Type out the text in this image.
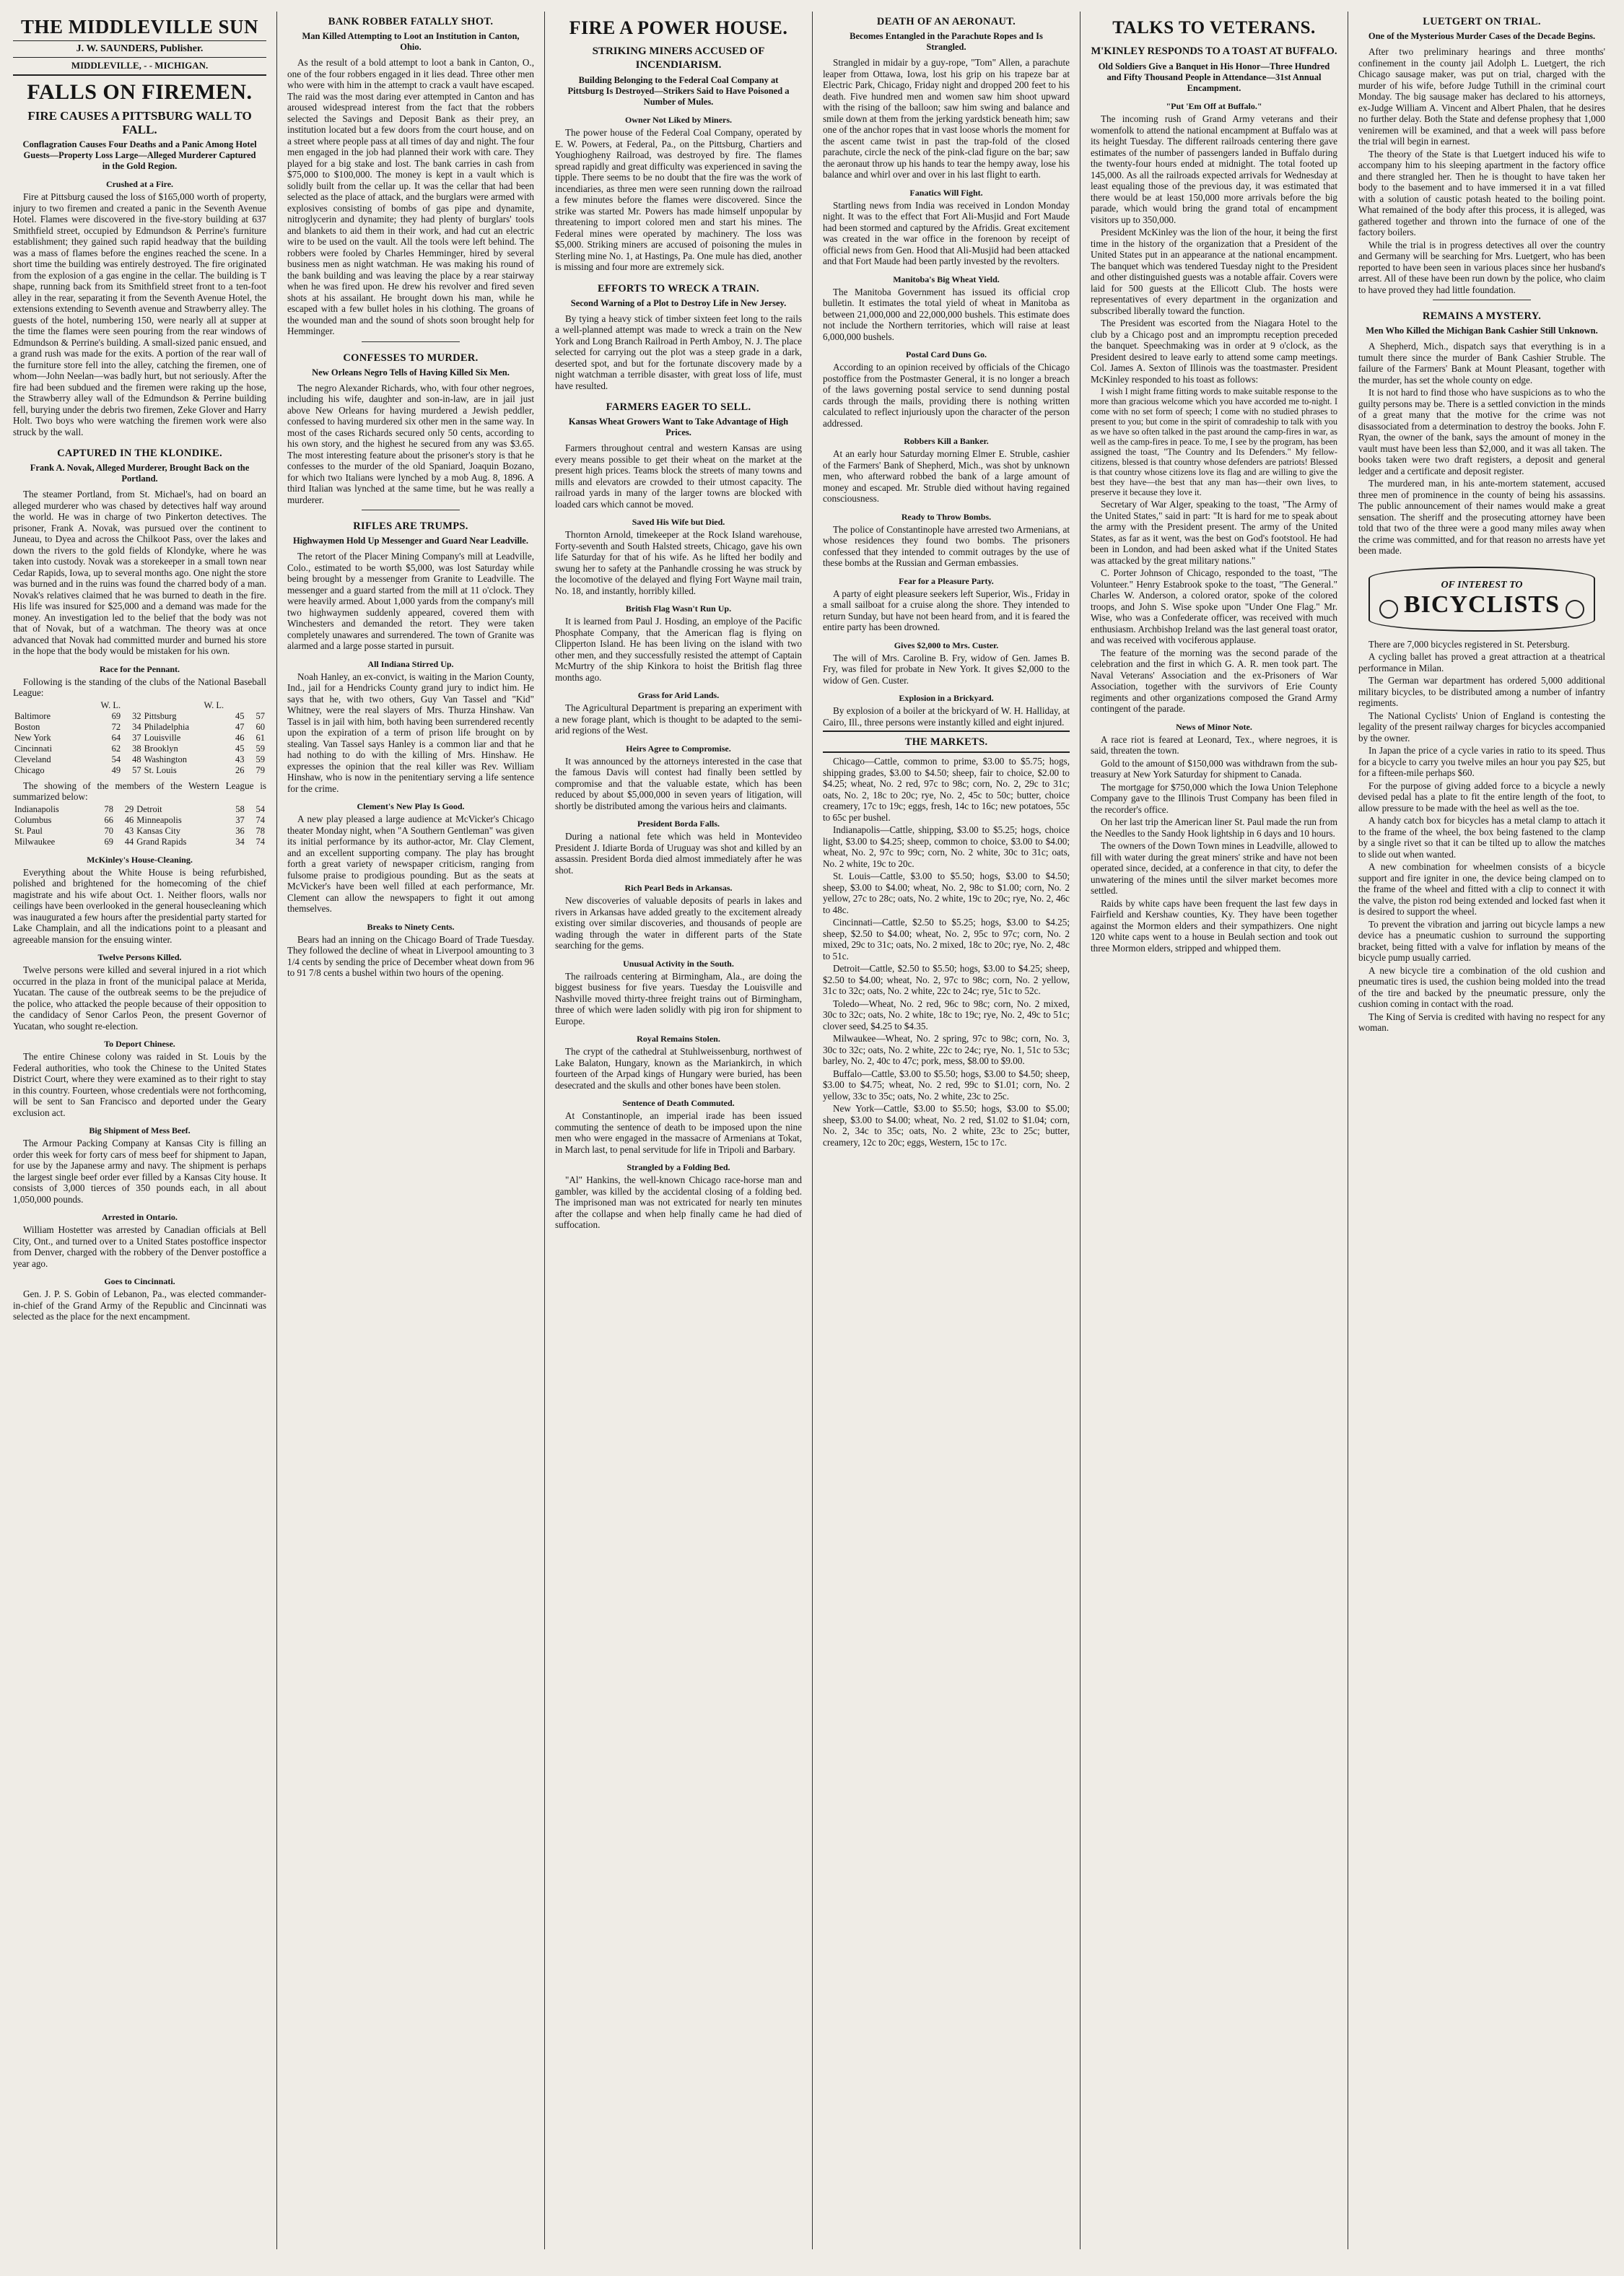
THE MIDDLEVILLE SUN
J. W. SAUNDERS, Publisher.
MIDDLEVILLE, - - MICHIGAN.
FALLS ON FIREMEN.
FIRE CAUSES A PITTSBURG WALL TO FALL.
Conflagration Causes Four Deaths and a Panic Among Hotel Guests—Property Loss Large—Alleged Murderer Captured in the Gold Region.
Crushed at a Fire.

Fire at Pittsburg caused the loss of $165,000 worth of property, injury to two firemen and created a panic in the Seventh Avenue Hotel. Flames were discovered in the five-story building at 637 Smithfield street, occupied by Edmundson & Perrine's furniture establishment; they gained such rapid headway that the building was a mass of flames before the engines reached the scene. In a short time the building was entirely destroyed. The fire originated from the explosion of a gas engine in the cellar. The building is T shape, running back from its Smithfield street front to a ten-foot alley in the rear, separating it from the Seventh Avenue Hotel, the extensions extending to Seventh avenue and Strawberry alley. The guests of the hotel, numbering 150, were nearly all at supper at the time the flames were seen pouring from the rear windows of Edmundson & Perrine's building. A small-sized panic ensued, and a grand rush was made for the exits. A portion of the rear wall of the furniture store fell into the alley, catching the firemen, one of whom—John Neelan—was badly hurt, but not seriously. After the fire had been subdued and the firemen were raking up the hose, the Strawberry alley wall of the Edmundson & Perrine building fell, burying under the debris two firemen, Zeke Glover and Harry Holt. Two boys who were watching the firemen work were also struck by the wall.

CAPTURED IN THE KLONDIKE.
Frank A. Novak, Alleged Murderer, Brought Back on the Portland.

The steamer Portland, from St. Michael's, had on board an alleged murderer who was chased by detectives half way around the world. He was in charge of two Pinkerton detectives. The prisoner, Frank A. Novak, was pursued over the continent to Juneau, to Dyea and across the Chilkoot Pass, over the lakes and down the rivers to the gold fields of Klondyke, where he was taken into custody. Novak was a storekeeper in a small town near Cedar Rapids, Iowa, up to several months ago. One night the store was burned and in the ruins was found the charred body of a man. Novak's relatives claimed that he was burned to death in the fire. His life was insured for $25,000 and a demand was made for the money. An investigation led to the belief that the body was not that of Novak, but of a watchman. The theory was at once advanced that Novak had committed murder and burned his store in the hope that the body would be mistaken for his own.

Race for the Pennant.

Following is the standing of the clubs of the National Baseball League:

	W. L.		W. L.		
Baltimore	69	32	Pittsburg	45	57
Boston	72	34	Philadelphia	47	60
New York	64	37	Louisville	46	61
Cincinnati	62	38	Brooklyn	45	59
Cleveland	54	48	Washington	43	59
Chicago	49	57	St. Louis	26	79

The showing of the members of the Western League is summarized below:

Indianapolis	78	29	Detroit	58	54
Columbus	66	46	Minneapolis	37	74
St. Paul	70	43	Kansas City	36	78
Milwaukee	69	44	Grand Rapids	34	74
McKinley's House-Cleaning.

Everything about the White House is being refurbished, polished and brightened for the homecoming of the chief magistrate and his wife about Oct. 1. Neither floors, walls nor ceilings have been overlooked in the general housecleaning which was inaugurated a few hours after the presidential party started for Lake Champlain, and all the indications point to a pleasant and agreeable mansion for the ensuing winter.

Twelve Persons Killed.

Twelve persons were killed and several injured in a riot which occurred in the plaza in front of the municipal palace at Merida, Yucatan. The cause of the outbreak seems to be the prejudice of the police, who attacked the people because of their opposition to the candidacy of Senor Carlos Peon, the present Governor of Yucatan, who sought re-election.

To Deport Chinese.

The entire Chinese colony was raided in St. Louis by the Federal authorities, who took the Chinese to the United States District Court, where they were examined as to their right to stay in this country. Fourteen, whose credentials were not forthcoming, will be sent to San Francisco and deported under the Geary exclusion act.

Big Shipment of Mess Beef.

The Armour Packing Company at Kansas City is filling an order this week for forty cars of mess beef for shipment to Japan, for use by the Japanese army and navy. The shipment is perhaps the largest single beef order ever filled by a Kansas City house. It consists of 3,000 tierces of 350 pounds each, in all about 1,050,000 pounds.

Arrested in Ontario.

William Hostetter was arrested by Canadian officials at Bell City, Ont., and turned over to a United States postoffice inspector from Denver, charged with the robbery of the Denver postoffice a year ago.

Goes to Cincinnati.

Gen. J. P. S. Gobin of Lebanon, Pa., was elected commander-in-chief of the Grand Army of the Republic and Cincinnati was selected as the place for the next encampment.

BANK ROBBER FATALLY SHOT.
Man Killed Attempting to Loot an Institution in Canton, Ohio.

As the result of a bold attempt to loot a bank in Canton, O., one of the four robbers engaged in it lies dead. Three other men who were with him in the attempt to crack a vault have escaped. The raid was the most daring ever attempted in Canton and has aroused widespread interest from the fact that the robbers selected the Savings and Deposit Bank as their prey, an institution located but a few doors from the court house, and on a street where people pass at all times of day and night. The four men engaged in the job had planned their work with care. They played for a big stake and lost. The bank carries in cash from $75,000 to $100,000. The money is kept in a vault which is solidly built from the cellar up. It was the cellar that had been selected as the place of attack, and the burglars were armed with explosives consisting of bombs of gas pipe and dynamite, nitroglycerin and dynamite; they had plenty of burglars' tools and blankets to aid them in their work, and had cut an electric wire to be used on the vault. All the tools were left behind. The robbers were fooled by Charles Hemminger, hired by several business men as night watchman. He was making his round of the bank building and was leaving the place by a rear stairway when he was fired upon. He drew his revolver and fired seven shots at his assailant. He brought down his man, while he escaped with a few bullet holes in his clothing. The groans of the wounded man and the sound of shots soon brought help for Hemminger.

CONFESSES TO MURDER.
New Orleans Negro Tells of Having Killed Six Men.

The negro Alexander Richards, who, with four other negroes, including his wife, daughter and son-in-law, are in jail just above New Orleans for having murdered a Jewish peddler, confessed to having murdered six other men in the same way. In most of the cases Richards secured only 50 cents, according to his own story, and the highest he secured from any was $3.65. The most interesting feature about the prisoner's story is that he confesses to the murder of the old Spaniard, Joaquin Bozano, for which two Italians were lynched by a mob Aug. 8, 1896. A third Italian was lynched at the same time, but he was really a murderer.

RIFLES ARE TRUMPS.
Highwaymen Hold Up Messenger and Guard Near Leadville.

The retort of the Placer Mining Company's mill at Leadville, Colo., estimated to be worth $5,000, was lost Saturday while being brought by a messenger from Granite to Leadville. The messenger and a guard started from the mill at 11 o'clock. They were heavily armed. About 1,000 yards from the company's mill two highwaymen suddenly appeared, covered them with Winchesters and demanded the retort. They were taken completely unawares and surrendered. The town of Granite was alarmed and a large posse started in pursuit.

All Indiana Stirred Up.

Noah Hanley, an ex-convict, is waiting in the Marion County, Ind., jail for a Hendricks County grand jury to indict him. He says that he, with two others, Guy Van Tassel and "Kid" Whitney, were the real slayers of Mrs. Thurza Hinshaw. Van Tassel is in jail with him, both having been surrendered recently upon the expiration of a term of prison life brought on by stealing. Van Tassel says Hanley is a common liar and that he had nothing to do with the killing of Mrs. Hinshaw. He expresses the opinion that the real killer was Rev. William Hinshaw, who is now in the penitentiary serving a life sentence for the crime.

Clement's New Play Is Good.

A new play pleased a large audience at McVicker's Chicago theater Monday night, when "A Southern Gentleman" was given its initial performance by its author-actor, Mr. Clay Clement, and an excellent supporting company. The play has brought forth a great variety of newspaper criticism, ranging from fulsome praise to prodigious pounding. But as the seats at McVicker's have been well filled at each performance, Mr. Clement can allow the newspapers to fight it out among themselves.

Breaks to Ninety Cents.

Bears had an inning on the Chicago Board of Trade Tuesday. They followed the decline of wheat in Liverpool amounting to 3 1/4 cents by sending the price of December wheat down from 96 to 91 7/8 cents a bushel within two hours of the opening.

FIRE A POWER HOUSE.
STRIKING MINERS ACCUSED OF INCENDIARISM.
Building Belonging to the Federal Coal Company at Pittsburg Is Destroyed—Strikers Said to Have Poisoned a Number of Mules.
Owner Not Liked by Miners.

The power house of the Federal Coal Company, operated by E. W. Powers, at Federal, Pa., on the Pittsburg, Chartiers and Youghiogheny Railroad, was destroyed by fire. The flames spread rapidly and great difficulty was experienced in saving the tipple. There seems to be no doubt that the fire was the work of incendiaries, as three men were seen running down the railroad a few minutes before the flames were discovered. Since the strike was started Mr. Powers has made himself unpopular by threatening to import colored men and start his mines. The Federal mines were operated by machinery. The loss was $5,000. Striking miners are accused of poisoning the mules in Sterling mine No. 1, at Hastings, Pa. One mule has died, another is missing and four more are extremely sick.

EFFORTS TO WRECK A TRAIN.
Second Warning of a Plot to Destroy Life in New Jersey.

By tying a heavy stick of timber sixteen feet long to the rails a well-planned attempt was made to wreck a train on the New York and Long Branch Railroad in Perth Amboy, N. J. The place selected for carrying out the plot was a steep grade in a dark, deserted spot, and but for the fortunate discovery made by a night watchman a terrible disaster, with great loss of life, must have resulted.

FARMERS EAGER TO SELL.
Kansas Wheat Growers Want to Take Advantage of High Prices.

Farmers throughout central and western Kansas are using every means possible to get their wheat on the market at the present high prices. Teams block the streets of many towns and mills and elevators are crowded to their utmost capacity. The railroad yards in many of the larger towns are blocked with loaded cars which cannot be moved.

Saved His Wife but Died.

Thornton Arnold, timekeeper at the Rock Island warehouse, Forty-seventh and South Halsted streets, Chicago, gave his own life Saturday for that of his wife. As he lifted her bodily and swung her to safety at the Panhandle crossing he was struck by the locomotive of the delayed and flying Fort Wayne mail train, No. 18, and instantly, horribly killed.

British Flag Wasn't Run Up.

It is learned from Paul J. Hosding, an employe of the Pacific Phosphate Company, that the American flag is flying on Clipperton Island. He has been living on the island with two other men, and they successfully resisted the attempt of Captain McMurtry of the ship Kinkora to hoist the British flag three months ago.

Grass for Arid Lands.

The Agricultural Department is preparing an experiment with a new forage plant, which is thought to be adapted to the semi-arid regions of the West.

Heirs Agree to Compromise.

It was announced by the attorneys interested in the case that the famous Davis will contest had finally been settled by compromise and that the valuable estate, which has been reduced by about $5,000,000 in seven years of litigation, will shortly be distributed among the various heirs and claimants.

President Borda Falls.

During a national fete which was held in Montevideo President J. Idiarte Borda of Uruguay was shot and killed by an assassin. President Borda died almost immediately after he was shot.

Rich Pearl Beds in Arkansas.

New discoveries of valuable deposits of pearls in lakes and rivers in Arkansas have added greatly to the excitement already existing over similar discoveries, and thousands of people are wading through the water in different parts of the State searching for the gems.

Unusual Activity in the South.

The railroads centering at Birmingham, Ala., are doing the biggest business for five years. Tuesday the Louisville and Nashville moved thirty-three freight trains out of Birmingham, three of which were laden solidly with pig iron for shipment to Europe.

Royal Remains Stolen.

The crypt of the cathedral at Stuhlweissenburg, northwest of Lake Balaton, Hungary, known as the Mariankirch, in which fourteen of the Arpad kings of Hungary were buried, has been desecrated and the skulls and other bones have been stolen.

Sentence of Death Commuted.

At Constantinople, an imperial irade has been issued commuting the sentence of death to be imposed upon the nine men who were engaged in the massacre of Armenians at Tokat, in March last, to penal servitude for life in Tripoli and Barbary.

Strangled by a Folding Bed.

"Al" Hankins, the well-known Chicago race-horse man and gambler, was killed by the accidental closing of a folding bed. The imprisoned man was not extricated for nearly ten minutes after the collapse and when help finally came he had died of suffocation.

DEATH OF AN AERONAUT.
Becomes Entangled in the Parachute Ropes and Is Strangled.

Strangled in midair by a guy-rope, "Tom" Allen, a parachute leaper from Ottawa, Iowa, lost his grip on his trapeze bar at Electric Park, Chicago, Friday night and dropped 200 feet to his death. Five hundred men and women saw him shoot upward with the rising of the balloon; saw him swing and balance and smile down at them from the jerking yardstick beneath him; saw one of the anchor ropes that in vast loose whorls the moment for the ascent came twist in past the trap-fold of the closed parachute, circle the neck of the pink-clad figure on the bar; saw the aeronaut throw up his hands to tear the hempy away, lose his balance and whirl over and over in his last flight to earth.

Fanatics Will Fight.

Startling news from India was received in London Monday night. It was to the effect that Fort Ali-Musjid and Fort Maude had been stormed and captured by the Afridis. Great excitement was created in the war office in the forenoon by receipt of official news from Gen. Hood that Ali-Musjid had been attacked and that Fort Maude had been partly invested by the revolters.

Manitoba's Big Wheat Yield.

The Manitoba Government has issued its official crop bulletin. It estimates the total yield of wheat in Manitoba as between 21,000,000 and 22,000,000 bushels. This estimate does not include the Northern territories, which will raise at least 6,000,000 bushels.

Postal Card Duns Go.

According to an opinion received by officials of the Chicago postoffice from the Postmaster General, it is no longer a breach of the laws governing postal service to send dunning postal cards through the mails, providing there is nothing written calculated to reflect injuriously upon the character of the person addressed.

Robbers Kill a Banker.

At an early hour Saturday morning Elmer E. Struble, cashier of the Farmers' Bank of Shepherd, Mich., was shot by unknown men, who afterward robbed the bank of a large amount of money and escaped. Mr. Struble died without having regained consciousness.

Ready to Throw Bombs.

The police of Constantinople have arrested two Armenians, at whose residences they found two bombs. The prisoners confessed that they intended to commit outrages by the use of these bombs at the Russian and German embassies.

Fear for a Pleasure Party.

A party of eight pleasure seekers left Superior, Wis., Friday in a small sailboat for a cruise along the shore. They intended to return Sunday, but have not been heard from, and it is feared the entire party has been drowned.

Gives $2,000 to Mrs. Custer.

The will of Mrs. Caroline B. Fry, widow of Gen. James B. Fry, was filed for probate in New York. It gives $2,000 to the widow of Gen. Custer.

Explosion in a Brickyard.

By explosion of a boiler at the brickyard of W. H. Halliday, at Cairo, Ill., three persons were instantly killed and eight injured.

THE MARKETS.

Chicago—Cattle, common to prime, $3.00 to $5.75; hogs, shipping grades, $3.00 to $4.50; sheep, fair to choice, $2.00 to $4.25; wheat, No. 2 red, 97c to 98c; corn, No. 2, 29c to 31c; oats, No. 2, 18c to 20c; rye, No. 2, 45c to 50c; butter, choice creamery, 17c to 19c; eggs, fresh, 14c to 16c; new potatoes, 55c to 65c per bushel.

Indianapolis—Cattle, shipping, $3.00 to $5.25; hogs, choice light, $3.00 to $4.25; sheep, common to choice, $3.00 to $4.00; wheat, No. 2, 97c to 99c; corn, No. 2 white, 30c to 31c; oats, No. 2 white, 19c to 20c.

St. Louis—Cattle, $3.00 to $5.50; hogs, $3.00 to $4.50; sheep, $3.00 to $4.00; wheat, No. 2, 98c to $1.00; corn, No. 2 yellow, 27c to 28c; oats, No. 2 white, 19c to 20c; rye, No. 2, 46c to 48c.

Cincinnati—Cattle, $2.50 to $5.25; hogs, $3.00 to $4.25; sheep, $2.50 to $4.00; wheat, No. 2, 95c to 97c; corn, No. 2 mixed, 29c to 31c; oats, No. 2 mixed, 18c to 20c; rye, No. 2, 48c to 51c.

Detroit—Cattle, $2.50 to $5.50; hogs, $3.00 to $4.25; sheep, $2.50 to $4.00; wheat, No. 2, 97c to 98c; corn, No. 2 yellow, 31c to 32c; oats, No. 2 white, 22c to 24c; rye, 51c to 52c.

Toledo—Wheat, No. 2 red, 96c to 98c; corn, No. 2 mixed, 30c to 32c; oats, No. 2 white, 18c to 19c; rye, No. 2, 49c to 51c; clover seed, $4.25 to $4.35.

Milwaukee—Wheat, No. 2 spring, 97c to 98c; corn, No. 3, 30c to 32c; oats, No. 2 white, 22c to 24c; rye, No. 1, 51c to 53c; barley, No. 2, 40c to 47c; pork, mess, $8.00 to $9.00.

Buffalo—Cattle, $3.00 to $5.50; hogs, $3.00 to $4.50; sheep, $3.00 to $4.75; wheat, No. 2 red, 99c to $1.01; corn, No. 2 yellow, 33c to 35c; oats, No. 2 white, 23c to 25c.

New York—Cattle, $3.00 to $5.50; hogs, $3.00 to $5.00; sheep, $3.00 to $4.00; wheat, No. 2 red, $1.02 to $1.04; corn, No. 2, 34c to 35c; oats, No. 2 white, 23c to 25c; butter, creamery, 12c to 20c; eggs, Western, 15c to 17c.

TALKS TO VETERANS.
M'KINLEY RESPONDS TO A TOAST AT BUFFALO.
Old Soldiers Give a Banquet in His Honor—Three Hundred and Fifty Thousand People in Attendance—31st Annual Encampment.
"Put 'Em Off at Buffalo."

The incoming rush of Grand Army veterans and their womenfolk to attend the national encampment at Buffalo was at its height Tuesday. The different railroads centering there gave estimates of the number of passengers landed in Buffalo during the twenty-four hours ended at midnight. The total footed up 145,000. As all the railroads expected arrivals for Wednesday at least equaling those of the previous day, it was estimated that there would be at least 150,000 more arrivals before the big parade, which would bring the grand total of encampment visitors up to 350,000.

President McKinley was the lion of the hour, it being the first time in the history of the organization that a President of the United States put in an appearance at the national encampment. The banquet which was tendered Tuesday night to the President and other distinguished guests was a notable affair. Covers were laid for 500 guests at the Ellicott Club. The hosts were representatives of every department in the organization and subscribed liberally toward the function.

The President was escorted from the Niagara Hotel to the club by a Chicago post and an impromptu reception preceded the banquet. Speechmaking was in order at 9 o'clock, as the President desired to leave early to attend some camp meetings. Col. James A. Sexton of Illinois was the toastmaster. President McKinley responded to his toast as follows:

I wish I might frame fitting words to make suitable response to the more than gracious welcome which you have accorded me to-night. I come with no set form of speech; I come with no studied phrases to present to you; but come in the spirit of comradeship to talk with you as we have so often talked in the past around the camp-fires in war, as well as the camp-fires in peace. To me, I see by the program, has been assigned the toast, "The Country and Its Defenders." My fellow-citizens, blessed is that country whose defenders are patriots! Blessed is that country whose citizens love its flag and are willing to give the best they have—the best that any man has—their own lives, to preserve it because they love it.

Secretary of War Alger, speaking to the toast, "The Army of the United States," said in part: "It is hard for me to speak about the army with the President present. The army of the United States, as far as it went, was the best on God's footstool. He had been in London, and had been asked what if the United States was attacked by the great military nations."

C. Porter Johnson of Chicago, responded to the toast, "The Volunteer." Henry Estabrook spoke to the toast, "The General." Charles W. Anderson, a colored orator, spoke of the colored troops, and John S. Wise spoke upon "Under One Flag." Mr. Wise, who was a Confederate officer, was received with much enthusiasm. Archbishop Ireland was the last general toast orator, and was received with vociferous applause.

The feature of the morning was the second parade of the celebration and the first in which G. A. R. men took part. The Naval Veterans' Association and the ex-Prisoners of War Association, together with the survivors of Erie County regiments and other organizations composed the Grand Army contingent of the parade.

News of Minor Note.

A race riot is feared at Leonard, Tex., where negroes, it is said, threaten the town.

Gold to the amount of $150,000 was withdrawn from the sub-treasury at New York Saturday for shipment to Canada.

The mortgage for $750,000 which the Iowa Union Telephone Company gave to the Illinois Trust Company has been filed in the recorder's office.

On her last trip the American liner St. Paul made the run from the Needles to the Sandy Hook lightship in 6 days and 10 hours.

The owners of the Down Town mines in Leadville, allowed to fill with water during the great miners' strike and have not been operated since, decided, at a conference in that city, to defer the unwatering of the mines until the silver market becomes more settled.

Raids by white caps have been frequent the last few days in Fairfield and Kershaw counties, Ky. They have been together against the Mormon elders and their sympathizers. One night 120 white caps went to a house in Beulah section and took out three Mormon elders, stripped and whipped them.

LUETGERT ON TRIAL.
One of the Mysterious Murder Cases of the Decade Begins.

After two preliminary hearings and three months' confinement in the county jail Adolph L. Luetgert, the rich Chicago sausage maker, was put on trial, charged with the murder of his wife, before Judge Tuthill in the criminal court Monday. The big sausage maker has declared to his attorneys, ex-Judge William A. Vincent and Albert Phalen, that he desires no further delay. Both the State and defense prophesy that 1,000 veniremen will be examined, and that a week will pass before the trial will begin in earnest.

The theory of the State is that Luetgert induced his wife to accompany him to his sleeping apartment in the factory office and there strangled her. Then he is thought to have taken her body to the basement and to have immersed it in a vat filled with a solution of caustic potash heated to the boiling point. What remained of the body after this process, it is alleged, was gathered together and thrown into the furnace of one of the factory boilers.

While the trial is in progress detectives all over the country and Germany will be searching for Mrs. Luetgert, who has been reported to have been seen in various places since her husband's arrest. All of these have been run down by the police, who claim to have proved they had little foundation.

REMAINS A MYSTERY.
Men Who Killed the Michigan Bank Cashier Still Unknown.

A Shepherd, Mich., dispatch says that everything is in a tumult there since the murder of Bank Cashier Struble. The failure of the Farmers' Bank at Mount Pleasant, together with the murder, has set the whole county on edge.

It is not hard to find those who have suspicions as to who the guilty persons may be. There is a settled conviction in the minds of a great many that the motive for the crime was not disassociated from a determination to destroy the books. John F. Ryan, the owner of the bank, says the amount of money in the vault must have been less than $2,000, and it was all taken. The books taken were two draft registers, a deposit and general ledger and a certificate and deposit register.

The murdered man, in his ante-mortem statement, accused three men of prominence in the county of being his assassins. The public announcement of their names would make a great sensation. The sheriff and the prosecuting attorney have been told that two of the three were a good many miles away when the crime was committed, and for that reason no arrests have yet been made.

OF INTEREST TO
BICYCLISTS

There are 7,000 bicycles registered in St. Petersburg.

A cycling ballet has proved a great attraction at a theatrical performance in Milan.

The German war department has ordered 5,000 additional military bicycles, to be distributed among a number of infantry regiments.

The National Cyclists' Union of England is contesting the legality of the present railway charges for bicycles accompanied by the owner.

In Japan the price of a cycle varies in ratio to its speed. Thus for a bicycle to carry you twelve miles an hour you pay $25, but for a fifteen-mile perhaps $60.

For the purpose of giving added force to a bicycle a newly devised pedal has a plate to fit the entire length of the foot, to allow pressure to be made with the heel as well as the toe.

A handy catch box for bicycles has a metal clamp to attach it to the frame of the wheel, the box being fastened to the clamp by a single rivet so that it can be tilted up to allow the matches to slide out when wanted.

A new combination for wheelmen consists of a bicycle support and fire igniter in one, the device being clamped on to the frame of the wheel and fitted with a clip to connect it with the valve, the piston rod being extended and locked fast when it is desired to support the wheel.

To prevent the vibration and jarring out bicycle lamps a new device has a pneumatic cushion to surround the supporting bracket, being fitted with a valve for inflation by means of the bicycle pump usually carried.

A new bicycle tire a combination of the old cushion and pneumatic tires is used, the cushion being molded into the tread of the tire and backed by the pneumatic pressure, only the cushion coming in contact with the road.

The King of Servia is credited with having no respect for any woman.
